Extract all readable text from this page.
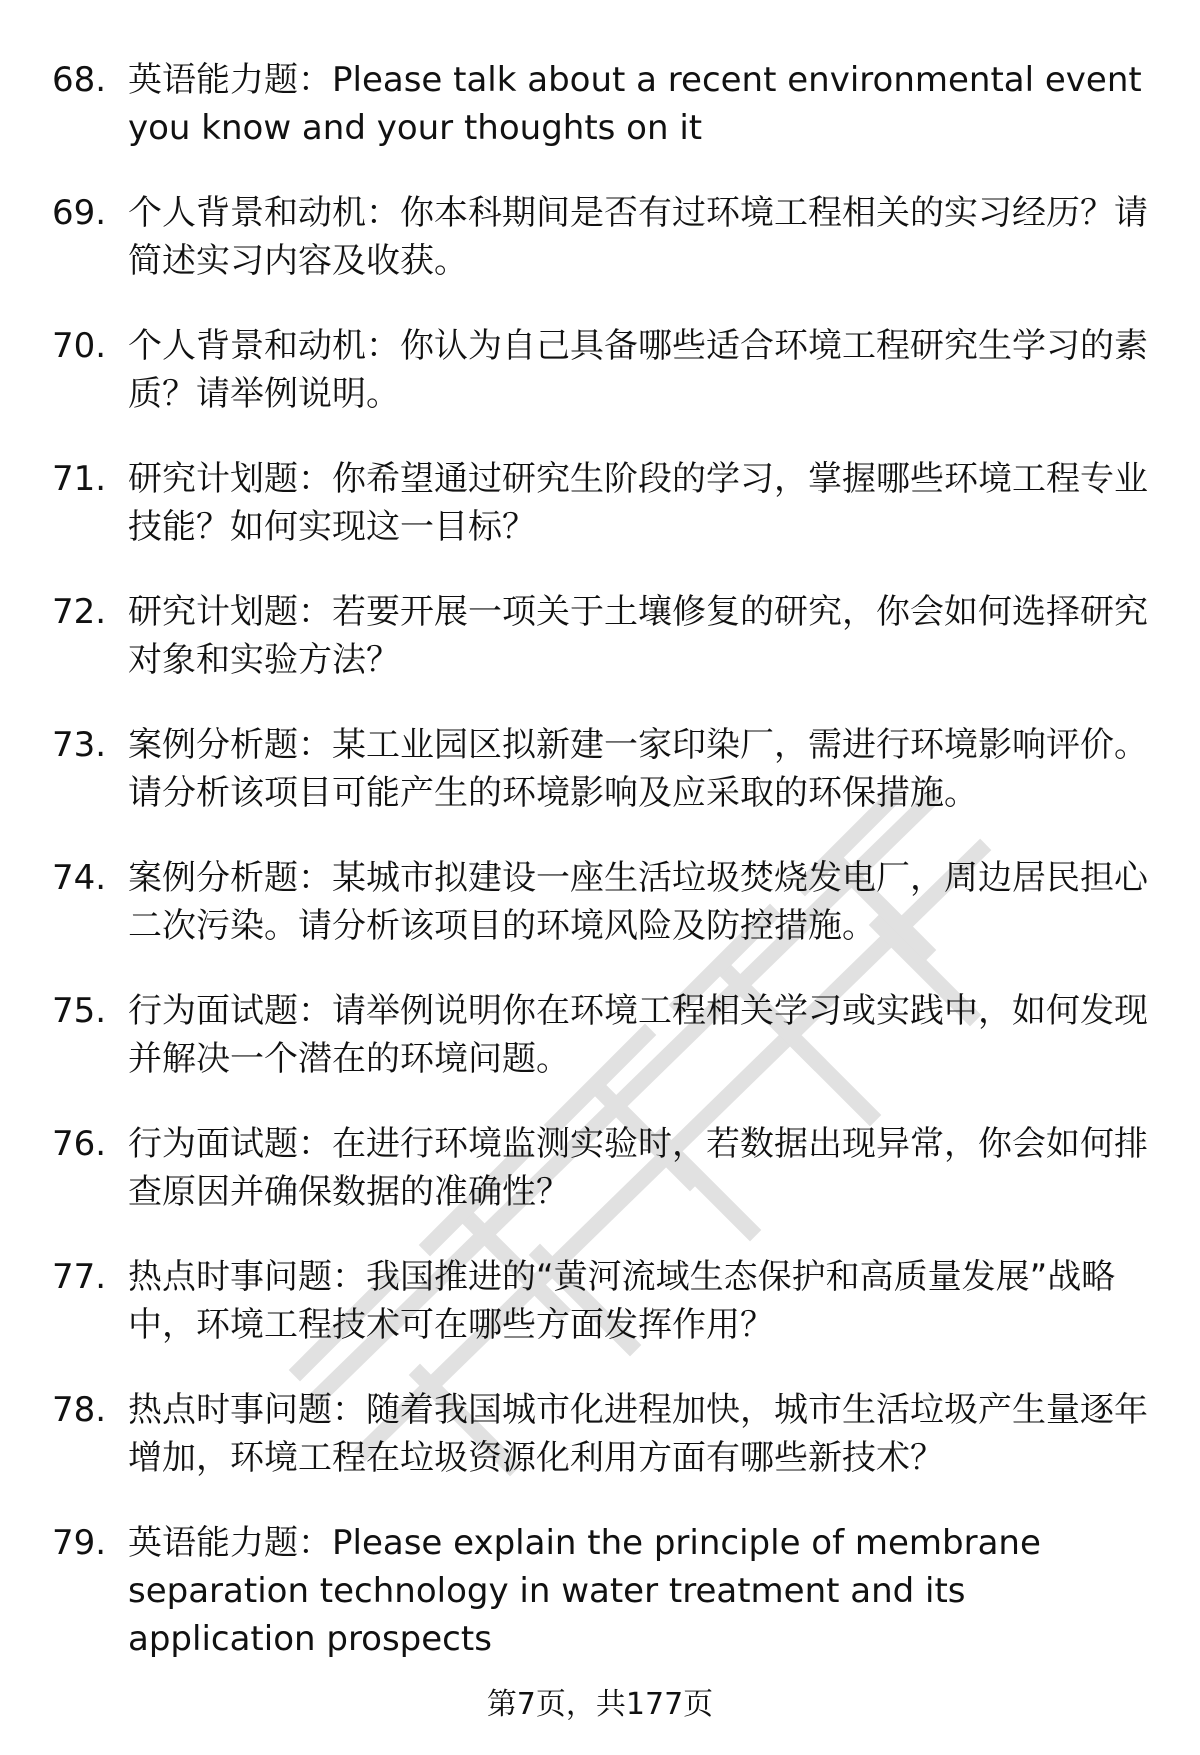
68. 英语能力题：Please talk about a recent environmental event you know and your thoughts on it
69. 个人背景和动机：你本科期间是否有过环境工程相关的实习经历？请简述实习内容及收获。
70. 个人背景和动机：你认为自己具备哪些适合环境工程研究生学习的素质？请举例说明。
71. 研究计划题：你希望通过研究生阶段的学习，掌握哪些环境工程专业技能？如何实现这一目标？
72. 研究计划题：若要开展一项关于土壤修复的研究，你会如何选择研究对象和实验方法？
73. 案例分析题：某工业园区拟新建一家印染厂，需进行环境影响评价。请分析该项目可能产生的环境影响及应采取的环保措施。
74. 案例分析题：某城市拟建设一座生活垃圾焚烧发电厂，周边居民担心二次污染。请分析该项目的环境风险及防控措施。
75. 行为面试题：请举例说明你在环境工程相关学习或实践中，如何发现并解决一个潜在的环境问题。
76. 行为面试题：在进行环境监测实验时，若数据出现异常，你会如何排查原因并确保数据的准确性？
77. 热点时事问题：我国推进的“黄河流域生态保护和高质量发展”战略中，环境工程技术可在哪些方面发挥作用？
78. 热点时事问题：随着我国城市化进程加快，城市生活垃圾产生量逐年增加，环境工程在垃圾资源化利用方面有哪些新技术？
79. 英语能力题：Please explain the principle of membrane separation technology in water treatment and its application prospects
第7页，共177页
